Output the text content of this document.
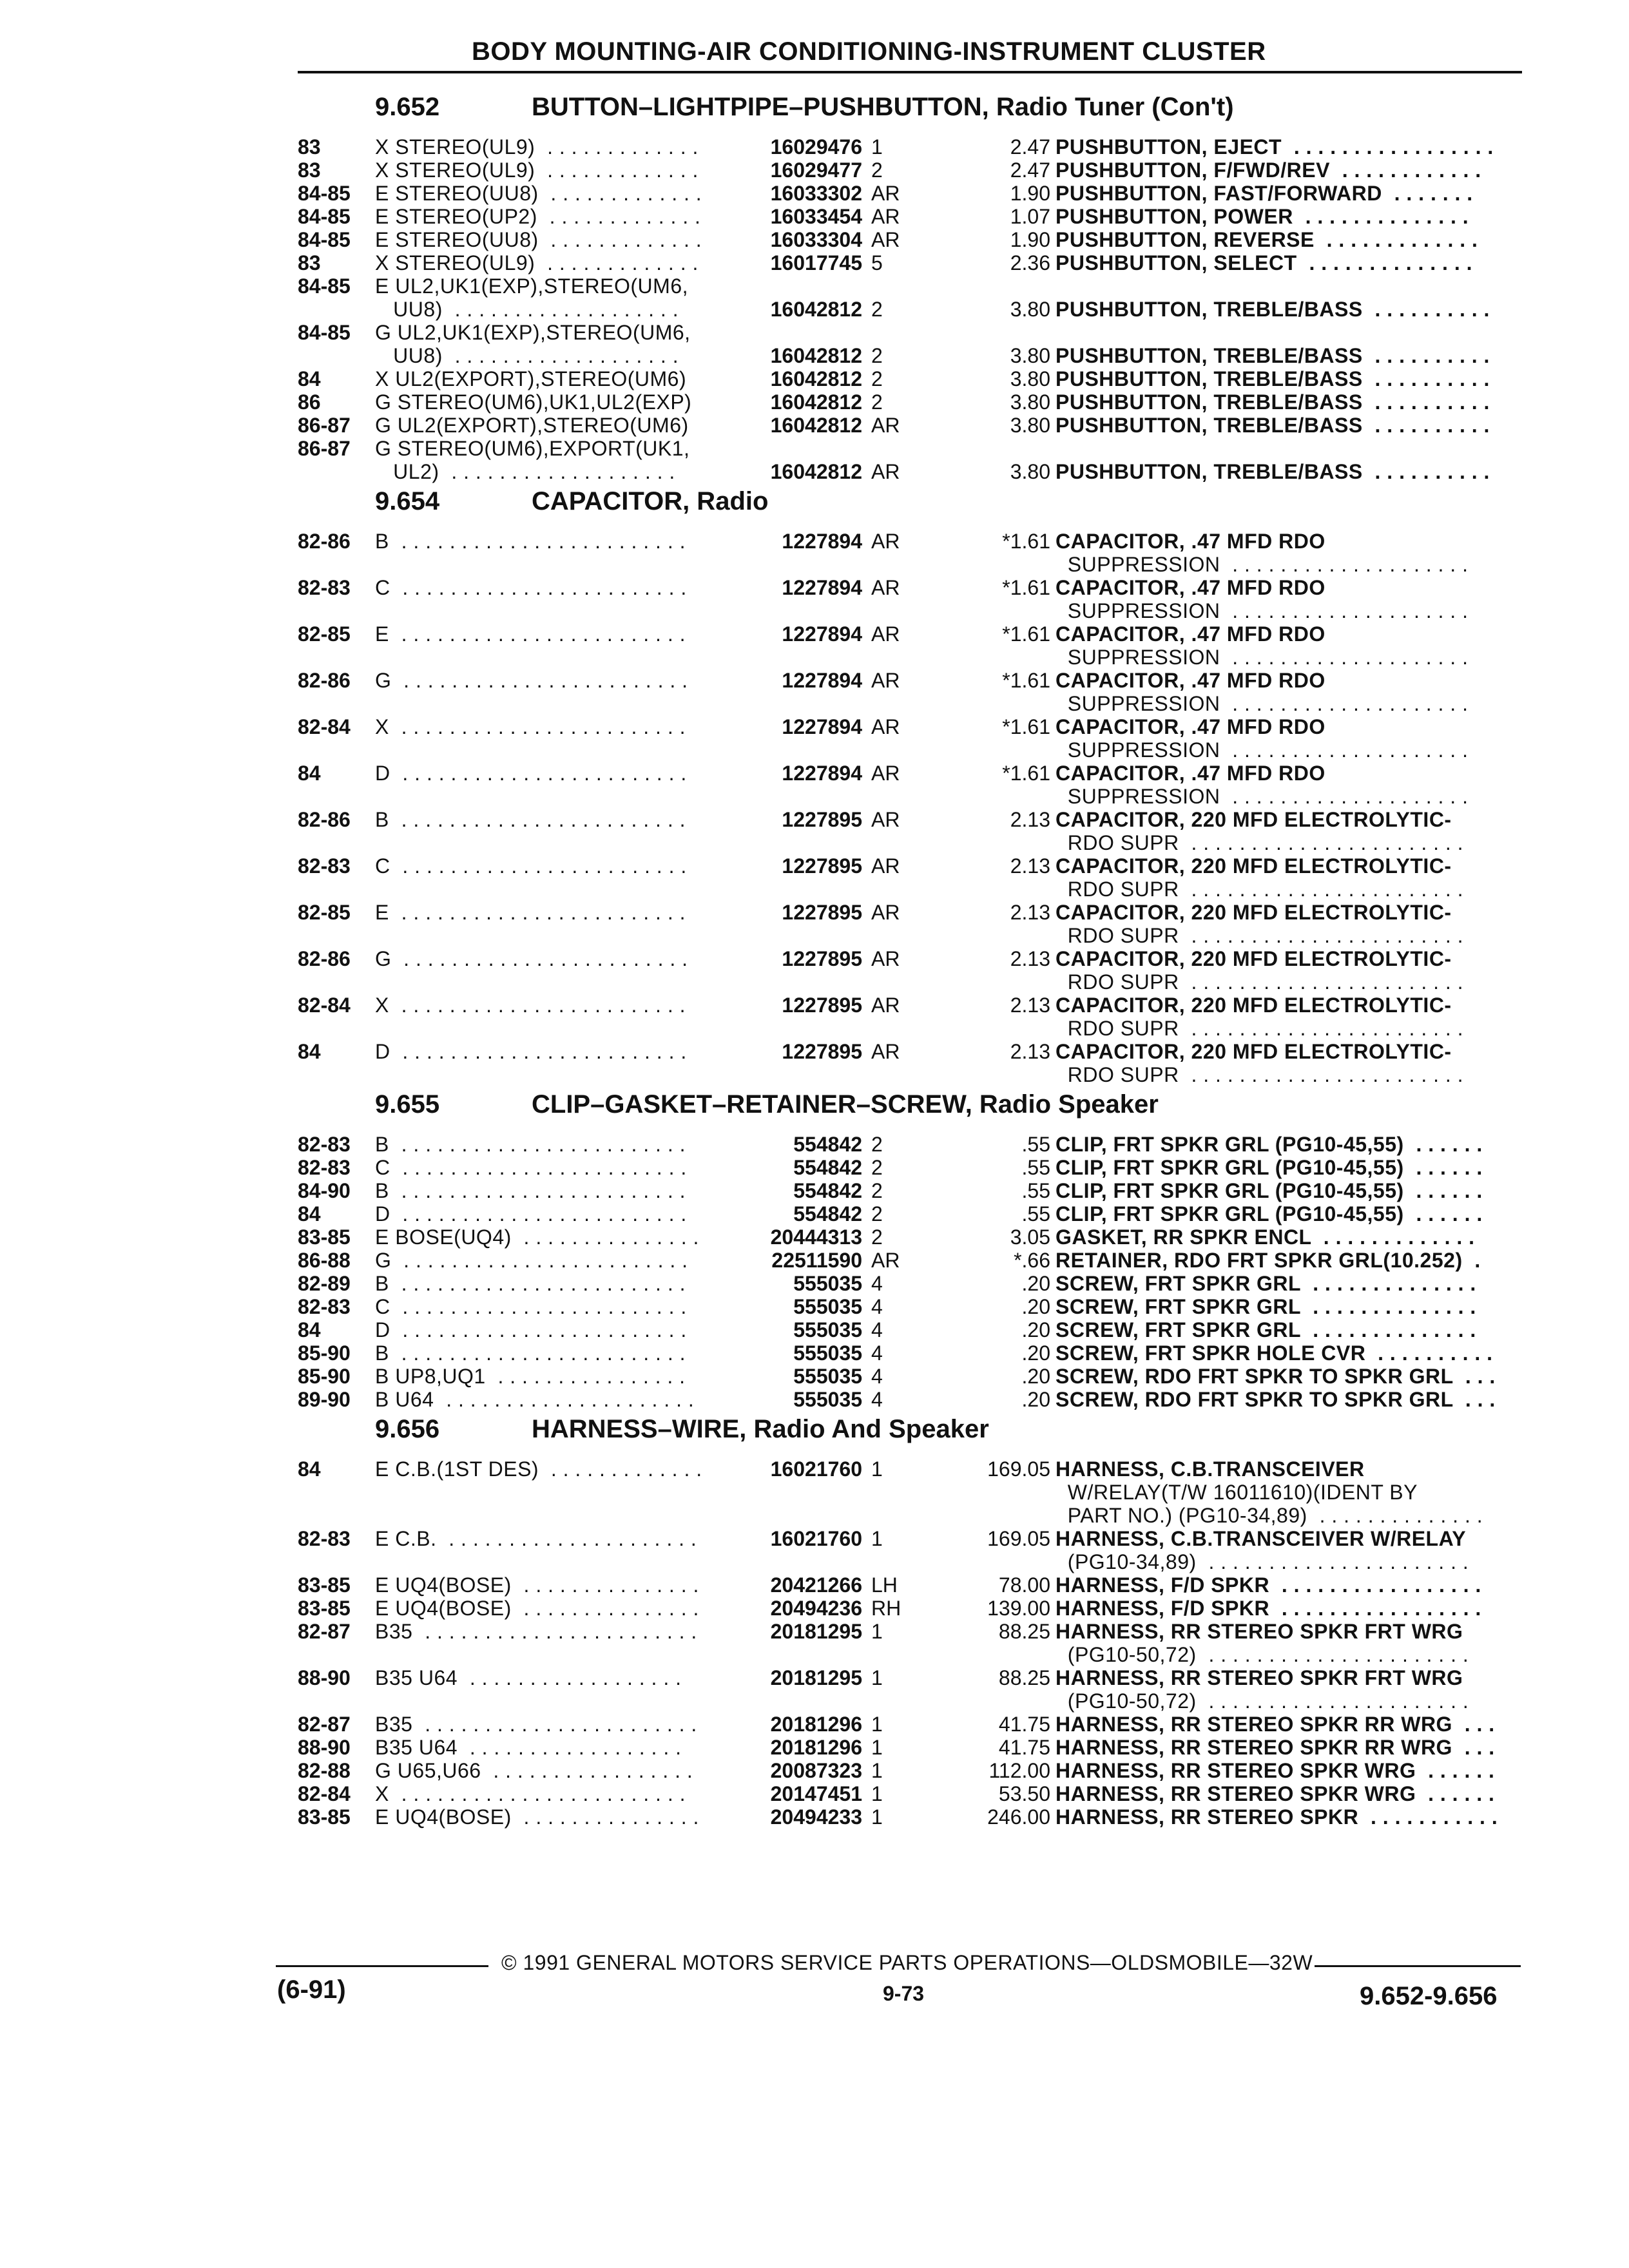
BODY MOUNTING-AIR CONDITIONING-INSTRUMENT CLUSTER
9.652	BUTTON–LIGHTPIPE–PUSHBUTTON, Radio Tuner (Con't)
83	X STEREO(UL9)  . . . . . . . . . . . . .	16029476 1	2.47 PUSHBUTTON, EJECT  . . . . . . . . . . . . . . . . .
83	X STEREO(UL9)  . . . . . . . . . . . . .	16029477 2	2.47 PUSHBUTTON, F/FWD/REV  . . . . . . . . . . . .
84-85 E STEREO(UU8)  . . . . . . . . . . . . .	16033302 AR	1.90 PUSHBUTTON, FAST/FORWARD  . . . . . . .
84-85 E STEREO(UP2)  . . . . . . . . . . . . .	16033454 AR	1.07 PUSHBUTTON, POWER  . . . . . . . . . . . . . .
84-85 E STEREO(UU8)  . . . . . . . . . . . . .	16033304 AR	1.90 PUSHBUTTON, REVERSE  . . . . . . . . . . . . .
83	X STEREO(UL9)  . . . . . . . . . . . . .	16017745 5	2.36 PUSHBUTTON, SELECT  . . . . . . . . . . . . . .
84-85 E UL2,UK1(EXP),STEREO(UM6,
UU8)  . . . . . . . . . . . . . . . . . . .	16042812 2	3.80 PUSHBUTTON, TREBLE/BASS  . . . . . . . . . .
84-85 G UL2,UK1(EXP),STEREO(UM6,
UU8)  . . . . . . . . . . . . . . . . . . .	16042812 2	3.80 PUSHBUTTON, TREBLE/BASS  . . . . . . . . . .
84	X UL2(EXPORT),STEREO(UM6)	16042812 2	3.80 PUSHBUTTON, TREBLE/BASS  . . . . . . . . . .
86	G STEREO(UM6),UK1,UL2(EXP)	16042812 2	3.80 PUSHBUTTON, TREBLE/BASS  . . . . . . . . . .
86-87 G UL2(EXPORT),STEREO(UM6)	16042812 AR	3.80 PUSHBUTTON, TREBLE/BASS  . . . . . . . . . .
86-87 G STEREO(UM6),EXPORT(UK1,
UL2)  . . . . . . . . . . . . . . . . . . .	16042812 AR	3.80 PUSHBUTTON, TREBLE/BASS  . . . . . . . . . .
9.654	CAPACITOR, Radio
82-86 B  . . . . . . . . . . . . . . . . . . . . . . . .	1227894 AR	*1.61 CAPACITOR, .47 MFD RDO
SUPPRESSION  . . . . . . . . . . . . . . . . . . . .
82-83 C  . . . . . . . . . . . . . . . . . . . . . . . .	1227894 AR	*1.61 CAPACITOR, .47 MFD RDO
SUPPRESSION  . . . . . . . . . . . . . . . . . . . .
82-85 E  . . . . . . . . . . . . . . . . . . . . . . . .	1227894 AR	*1.61 CAPACITOR, .47 MFD RDO
SUPPRESSION  . . . . . . . . . . . . . . . . . . . .
82-86 G  . . . . . . . . . . . . . . . . . . . . . . . .	1227894 AR	*1.61 CAPACITOR, .47 MFD RDO
SUPPRESSION  . . . . . . . . . . . . . . . . . . . .
82-84 X  . . . . . . . . . . . . . . . . . . . . . . . .	1227894 AR	*1.61 CAPACITOR, .47 MFD RDO
SUPPRESSION  . . . . . . . . . . . . . . . . . . . .
84	D  . . . . . . . . . . . . . . . . . . . . . . . .	1227894 AR	*1.61 CAPACITOR, .47 MFD RDO
SUPPRESSION  . . . . . . . . . . . . . . . . . . . .
82-86 B  . . . . . . . . . . . . . . . . . . . . . . . .	1227895 AR	2.13 CAPACITOR, 220 MFD ELECTROLYTIC-
RDO SUPR  . . . . . . . . . . . . . . . . . . . . . . .
82-83 C  . . . . . . . . . . . . . . . . . . . . . . . .	1227895 AR	2.13 CAPACITOR, 220 MFD ELECTROLYTIC-
RDO SUPR  . . . . . . . . . . . . . . . . . . . . . . .
82-85 E  . . . . . . . . . . . . . . . . . . . . . . . .	1227895 AR	2.13 CAPACITOR, 220 MFD ELECTROLYTIC-
RDO SUPR  . . . . . . . . . . . . . . . . . . . . . . .
82-86 G  . . . . . . . . . . . . . . . . . . . . . . . .	1227895 AR	2.13 CAPACITOR, 220 MFD ELECTROLYTIC-
RDO SUPR  . . . . . . . . . . . . . . . . . . . . . . .
82-84 X  . . . . . . . . . . . . . . . . . . . . . . . .	1227895 AR	2.13 CAPACITOR, 220 MFD ELECTROLYTIC-
RDO SUPR  . . . . . . . . . . . . . . . . . . . . . . .
84	D  . . . . . . . . . . . . . . . . . . . . . . . .	1227895 AR	2.13 CAPACITOR, 220 MFD ELECTROLYTIC-
RDO SUPR  . . . . . . . . . . . . . . . . . . . . . . .
9.655	CLIP–GASKET–RETAINER–SCREW, Radio Speaker
82-83 B  . . . . . . . . . . . . . . . . . . . . . . . .	554842 2	.55 CLIP, FRT SPKR GRL (PG10-45,55)  . . . . . .
82-83 C  . . . . . . . . . . . . . . . . . . . . . . . .	554842 2	.55 CLIP, FRT SPKR GRL (PG10-45,55)  . . . . . .
84-90 B  . . . . . . . . . . . . . . . . . . . . . . . .	554842 2	.55 CLIP, FRT SPKR GRL (PG10-45,55)  . . . . . .
84	D  . . . . . . . . . . . . . . . . . . . . . . . .	554842 2	.55 CLIP, FRT SPKR GRL (PG10-45,55)  . . . . . .
83-85 E BOSE(UQ4)  . . . . . . . . . . . . . . .	20444313 2	3.05 GASKET, RR SPKR ENCL  . . . . . . . . . . . . .
86-88 G  . . . . . . . . . . . . . . . . . . . . . . . .	22511590 AR	*.66 RETAINER, RDO FRT SPKR GRL(10.252)  .
82-89 B  . . . . . . . . . . . . . . . . . . . . . . . .	555035 4	.20 SCREW, FRT SPKR GRL  . . . . . . . . . . . . . .
82-83 C  . . . . . . . . . . . . . . . . . . . . . . . .	555035 4	.20 SCREW, FRT SPKR GRL  . . . . . . . . . . . . . .
84	D  . . . . . . . . . . . . . . . . . . . . . . . .	555035 4	.20 SCREW, FRT SPKR GRL  . . . . . . . . . . . . . .
85-90 B  . . . . . . . . . . . . . . . . . . . . . . . .	555035 4	.20 SCREW, FRT SPKR HOLE CVR  . . . . . . . . . .
85-90 B UP8,UQ1  . . . . . . . . . . . . . . . .	555035 4	.20 SCREW, RDO FRT SPKR TO SPKR GRL  . . .
89-90 B U64  . . . . . . . . . . . . . . . . . . . . .	555035 4	.20 SCREW, RDO FRT SPKR TO SPKR GRL  . . .
9.656	HARNESS–WIRE, Radio And Speaker
84	E C.B.(1ST DES)  . . . . . . . . . . . . .	16021760 1	169.05 HARNESS, C.B.TRANSCEIVER
W/RELAY(T/W 16011610)(IDENT BY
PART NO.) (PG10-34,89)  . . . . . . . . . . . . . .
82-83 E C.B.  . . . . . . . . . . . . . . . . . . . . .	16021760 1	169.05 HARNESS, C.B.TRANSCEIVER W/RELAY
(PG10-34,89)  . . . . . . . . . . . . . . . . . . . . . .
83-85 E UQ4(BOSE)  . . . . . . . . . . . . . . .	20421266 LH	78.00 HARNESS, F/D SPKR  . . . . . . . . . . . . . . . . .
83-85 E UQ4(BOSE)  . . . . . . . . . . . . . . .	20494236 RH	139.00 HARNESS, F/D SPKR  . . . . . . . . . . . . . . . . .
82-87 B35  . . . . . . . . . . . . . . . . . . . . . . .	20181295 1	88.25 HARNESS, RR STEREO SPKR FRT WRG
(PG10-50,72)  . . . . . . . . . . . . . . . . . . . . . .
88-90 B35 U64  . . . . . . . . . . . . . . . . . .	20181295 1	88.25 HARNESS, RR STEREO SPKR FRT WRG
(PG10-50,72)  . . . . . . . . . . . . . . . . . . . . . .
82-87 B35  . . . . . . . . . . . . . . . . . . . . . . .	20181296 1	41.75 HARNESS, RR STEREO SPKR RR WRG  . . .
88-90 B35 U64  . . . . . . . . . . . . . . . . . .	20181296 1	41.75 HARNESS, RR STEREO SPKR RR WRG  . . .
82-88 G U65,U66  . . . . . . . . . . . . . . . . .	20087323 1	112.00 HARNESS, RR STEREO SPKR WRG  . . . . . .
82-84 X  . . . . . . . . . . . . . . . . . . . . . . . .	20147451 1	53.50 HARNESS, RR STEREO SPKR WRG  . . . . . .
83-85 E UQ4(BOSE)  . . . . . . . . . . . . . . .	20494233 1	246.00 HARNESS, RR STEREO SPKR  . . . . . . . . . . .
© 1991 GENERAL MOTORS SERVICE PARTS OPERATIONS—OLDSMOBILE—32W
(6-91)	9-73	9.652-9.656
